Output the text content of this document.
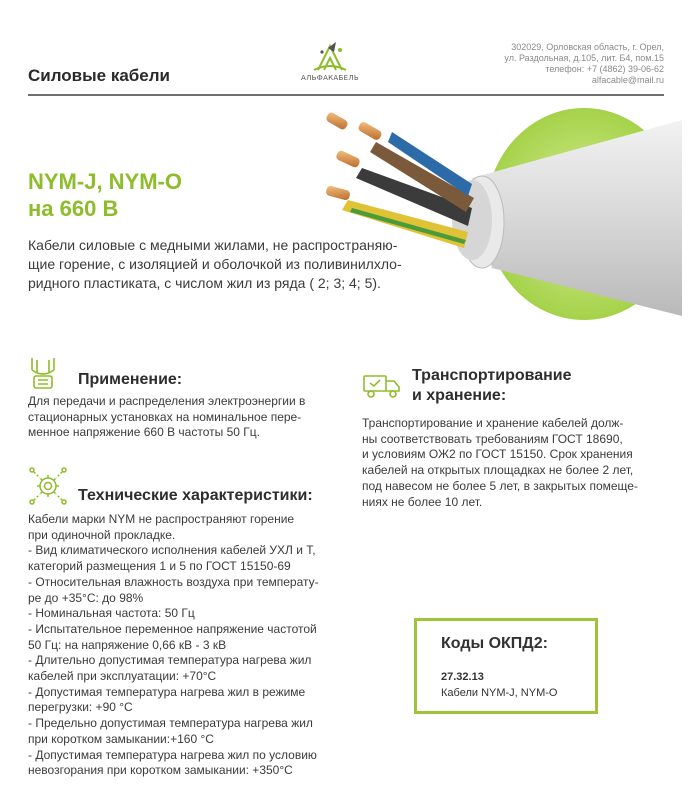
Силовые кабели	АЛЬФАКАБЕЛЬ
302029, Орловская область, г. Орел,
ул. Раздольная, д.105, лит. Б4, пом.15
телефон: +7 (4862) 39-06-62
alfacable@mail.ru
NYM-J, NYM-O
на 660 В
Кабели силовые с медными жилами, не распространяю-
щие горение, с изоляцией и оболочкой из поливинилхло-
ридного пластиката, с числом жил из ряда ( 2; 3; 4; 5).
Применение:
Для передачи и распределения электроэнергии в
стационарных установках на номинальное пере-
менное напряжение 660 В частоты 50 Гц.
Транспортирование
и хранение:
Транспортирование и хранение кабелей долж-
ны соответствовать требованиям ГОСТ 18690,
и условиям ОЖ2 по ГОСТ 15150. Срок хранения
кабелей на открытых площадках не более 2 лет,
под навесом не более 5 лет, в закрытых помеще-
ниях не более 10 лет.
Технические характеристики:
Кабели марки NYM не распространяют горение
при одиночной прокладке.
- Вид климатического исполнения кабелей УХЛ и Т,
категорий размещения 1 и 5 по ГОСТ 15150-69
- Относительная влажность воздуха при температу-
ре до +35°С: до 98%
- Номинальная частота: 50 Гц
- Испытательное переменное напряжение частотой
50 Гц: на напряжение 0,66 кВ - 3 кВ
- Длительно допустимая температура нагрева жил
кабелей при эксплуатации: +70°С
- Допустимая температура нагрева жил в режиме
перегрузки: +90 °С
- Предельно допустимая температура нагрева жил
при коротком замыкании:+160 °С
- Допустимая температура нагрева жил по условию
невозгорания при коротком замыкании: +350°С
Коды ОКПД2:
27.32.13
Кабели NYM-J, NYM-O
